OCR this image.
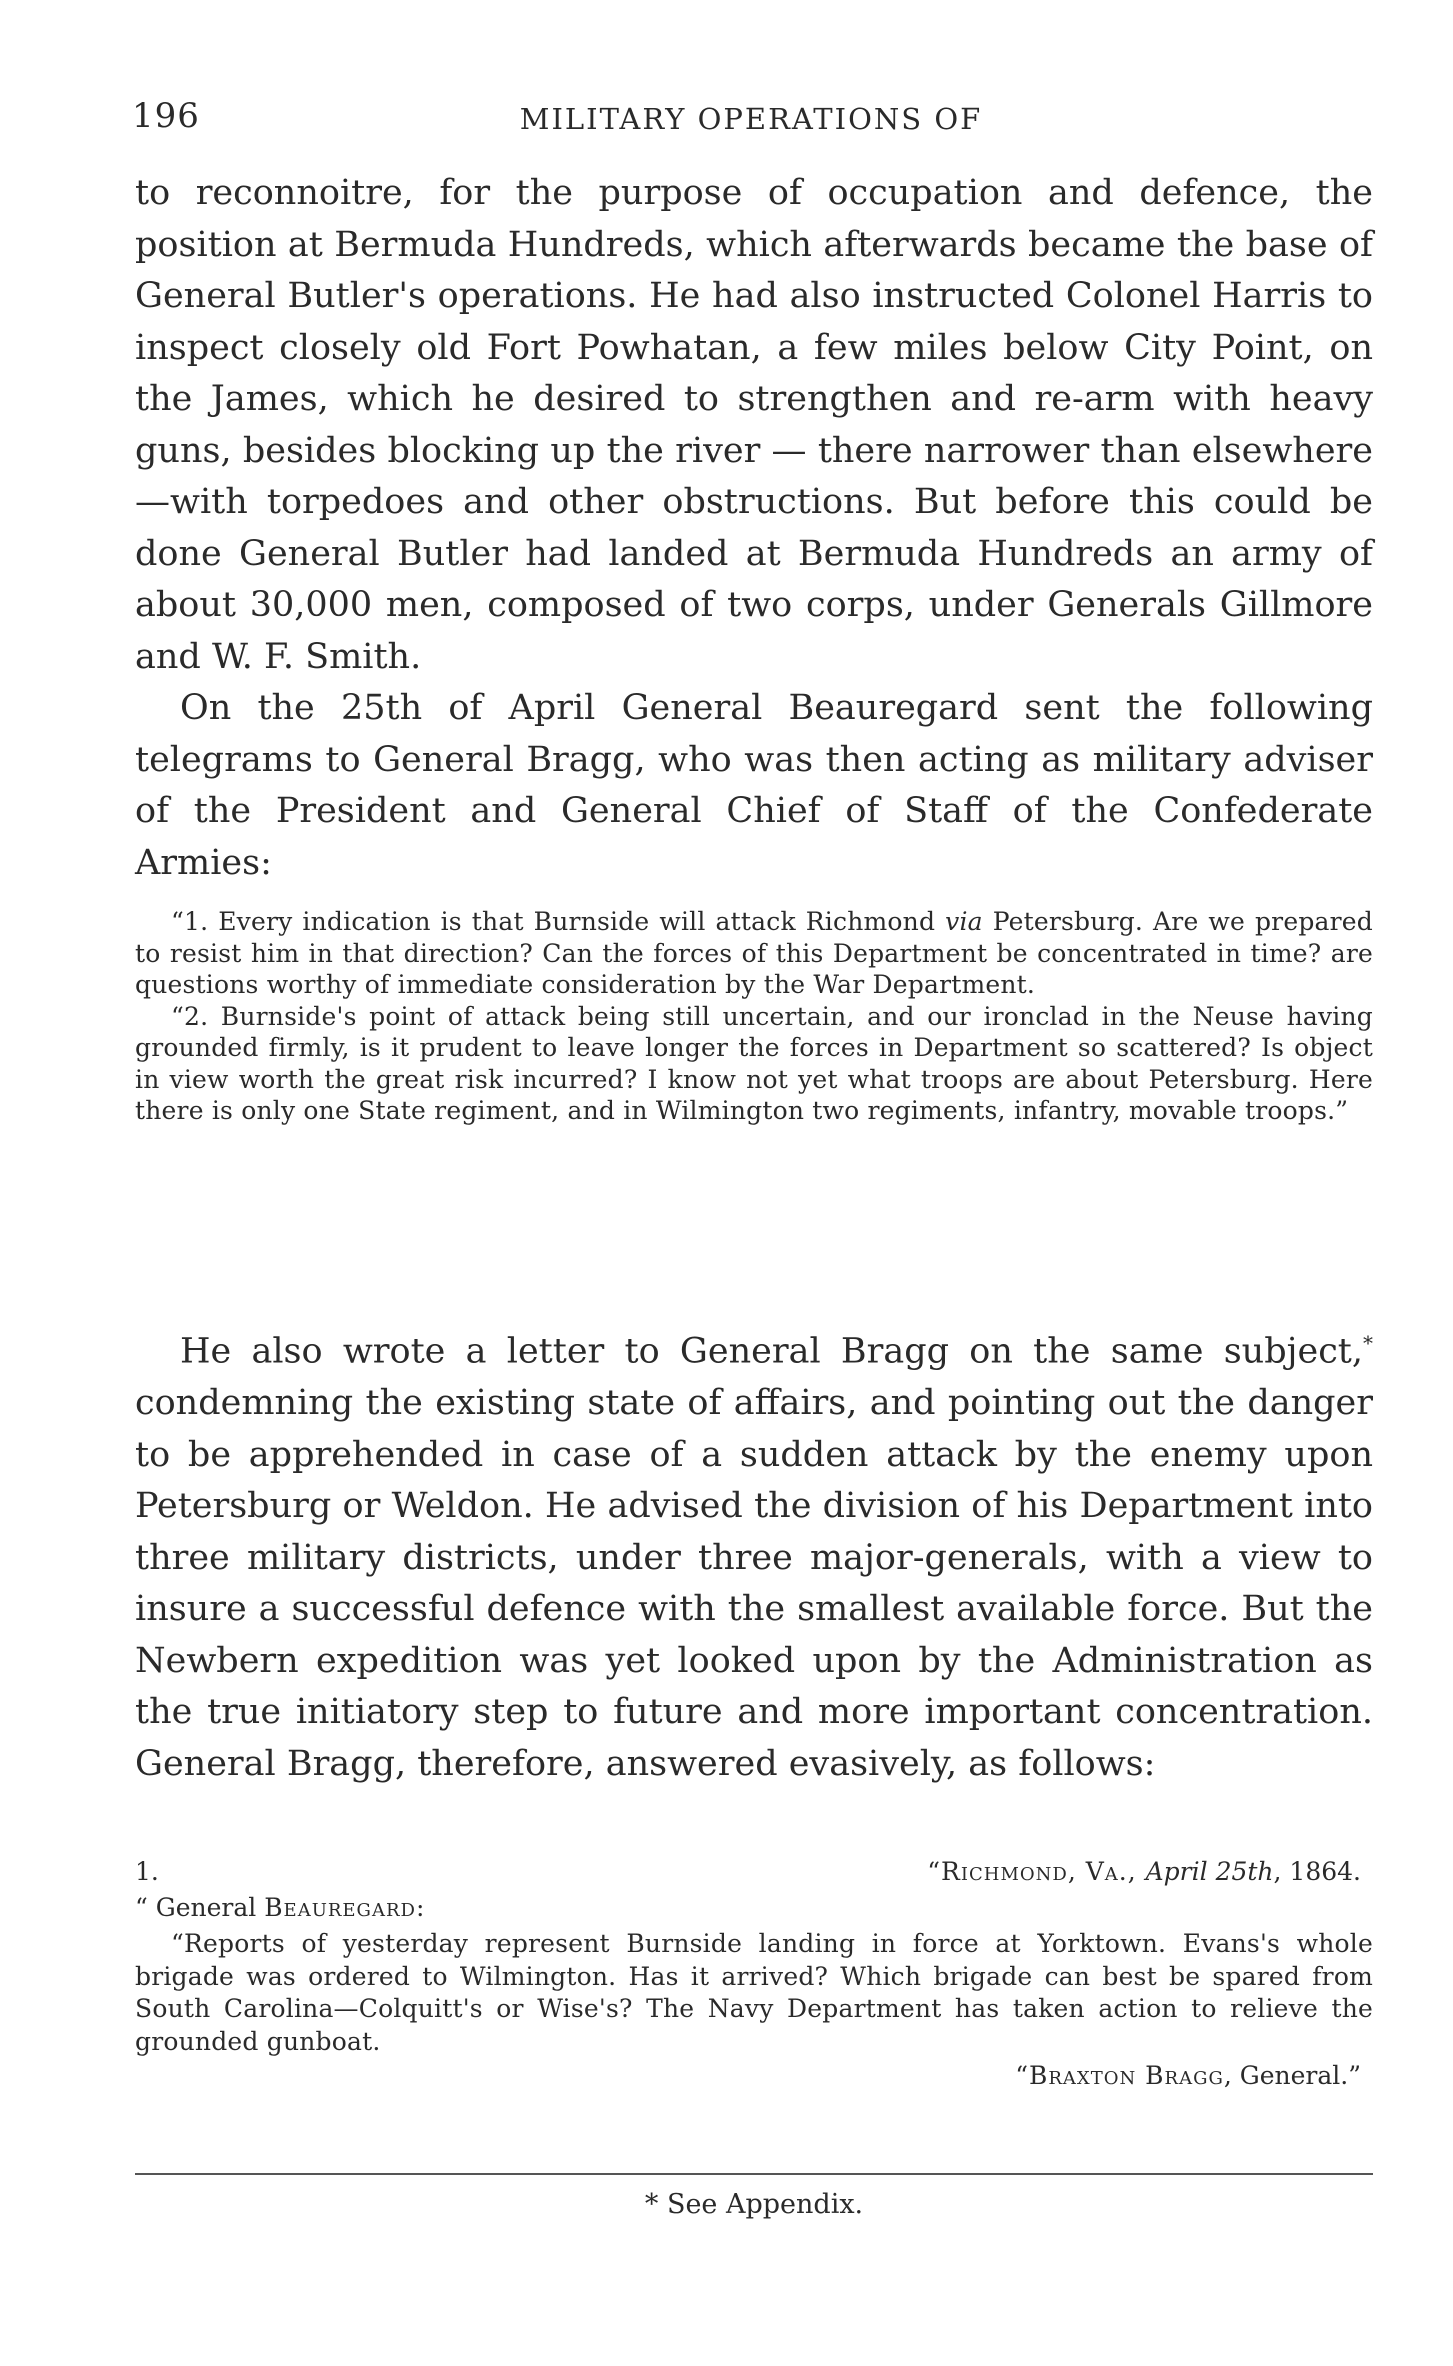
196	MILITARY OPERATIONS OF

to reconnoitre, for the purpose of occupation and defence, the position at Bermuda Hundreds, which afterwards became the base of General Butler's operations. He had also instructed Colonel Harris to inspect closely old Fort Powhatan, a few miles below City Point, on the James, which he desired to strengthen and re-arm with heavy guns, besides blocking up the river — there narrower than elsewhere—with torpedoes and other obstructions. But before this could be done General Butler had landed at Bermuda Hundreds an army of about 30,000 men, composed of two corps, under Generals Gillmore and W. F. Smith.

On the 25th of April General Beauregard sent the following telegrams to General Bragg, who was then acting as military adviser of the President and General Chief of Staff of the Confederate Armies:

“1. Every indication is that Burnside will attack Richmond via Petersburg. Are we prepared to resist him in that direction? Can the forces of this Department be concentrated in time? are questions worthy of immediate consideration by the War Department.

“2. Burnside's point of attack being still uncertain, and our ironclad in the Neuse having grounded firmly, is it prudent to leave longer the forces in Department so scattered? Is object in view worth the great risk incurred? I know not yet what troops are about Petersburg. Here there is only one State regiment, and in Wilmington two regiments, infantry, movable troops.”

He also wrote a letter to General Bragg on the same subject,* condemning the existing state of affairs, and pointing out the danger to be apprehended in case of a sudden attack by the enemy upon Petersburg or Weldon. He advised the division of his Department into three military districts, under three major-generals, with a view to insure a successful defence with the smallest available force. But the Newbern expedition was yet looked upon by the Administration as the true initiatory step to future and more important concentration. General Bragg, therefore, answered evasively, as follows:

1.	“Richmond, Va., April 25th, 1864.
“ General Beauregard:

“Reports of yesterday represent Burnside landing in force at Yorktown. Evans's whole brigade was ordered to Wilmington. Has it arrived? Which brigade can best be spared from South Carolina—Colquitt's or Wise's? The Navy Department has taken action to relieve the grounded gunboat.

“Braxton Bragg, General.”
* See Appendix.
